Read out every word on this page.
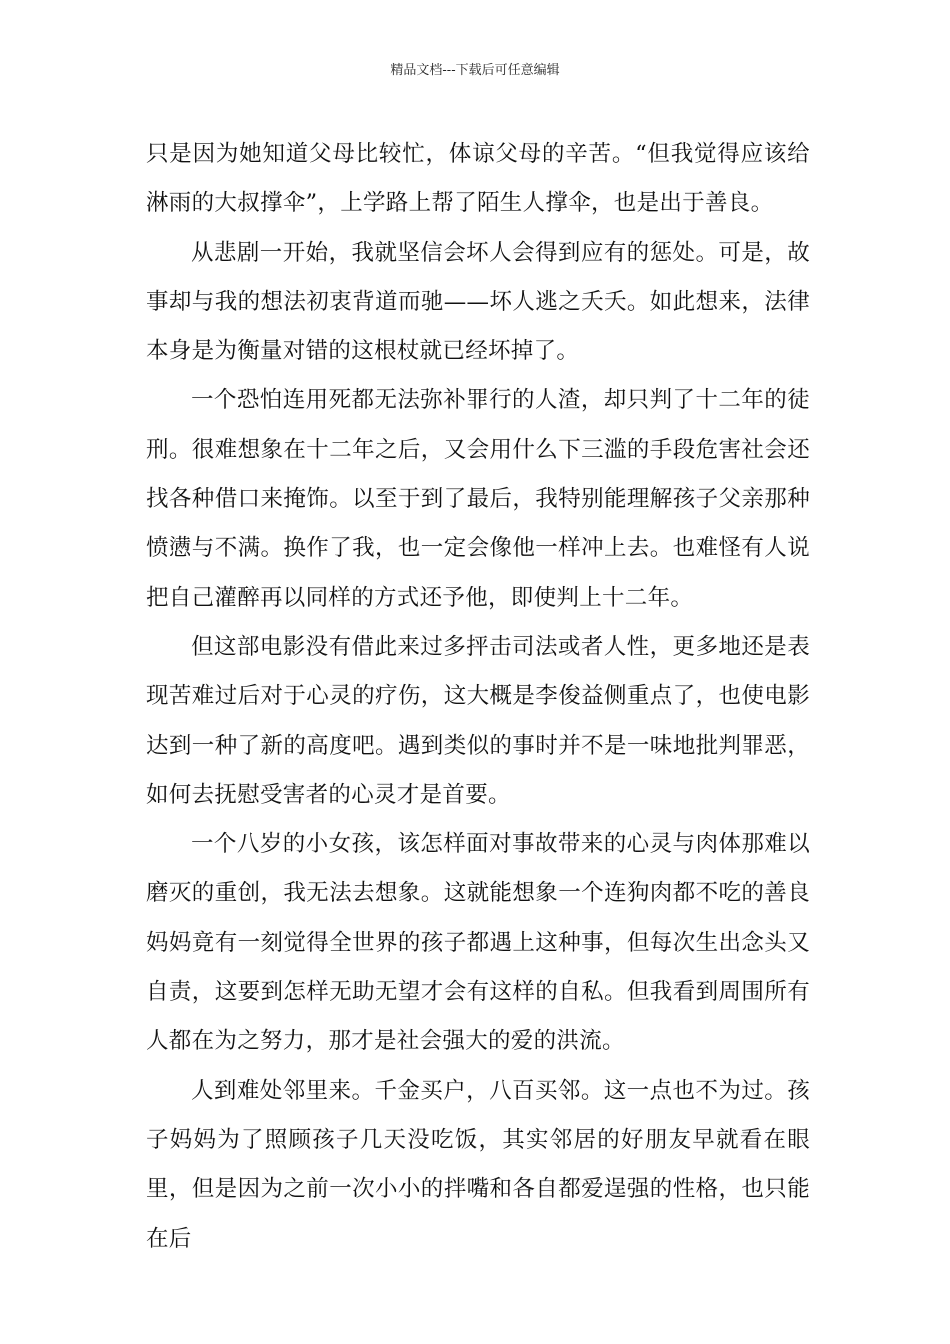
精品文档---下载后可任意编辑

只是因为她知道父母比较忙，体谅父母的辛苦。“但我觉得应该给淋雨的大叔撑伞”，上学路上帮了陌生人撑伞，也是出于善良。

从悲剧一开始，我就坚信会坏人会得到应有的惩处。可是，故事却与我的想法初衷背道而驰——坏人逃之夭夭。如此想来，法律本身是为衡量对错的这根杖就已经坏掉了。

一个恐怕连用死都无法弥补罪行的人渣，却只判了十二年的徒刑。很难想象在十二年之后，又会用什么下三滥的手段危害社会还找各种借口来掩饰。以至于到了最后，我特别能理解孩子父亲那种愤懑与不满。换作了我，也一定会像他一样冲上去。也难怪有人说把自己灌醉再以同样的方式还予他，即使判上十二年。

但这部电影没有借此来过多抨击司法或者人性，更多地还是表现苦难过后对于心灵的疗伤，这大概是李俊益侧重点了，也使电影达到一种了新的高度吧。遇到类似的事时并不是一味地批判罪恶，如何去抚慰受害者的心灵才是首要。

一个八岁的小女孩，该怎样面对事故带来的心灵与肉体那难以磨灭的重创，我无法去想象。这就能想象一个连狗肉都不吃的善良妈妈竟有一刻觉得全世界的孩子都遇上这种事，但每次生出念头又自责，这要到怎样无助无望才会有这样的自私。但我看到周围所有人都在为之努力，那才是社会强大的爱的洪流。

人到难处邻里来。千金买户，八百买邻。这一点也不为过。孩子妈妈为了照顾孩子几天没吃饭，其实邻居的好朋友早就看在眼里，但是因为之前一次小小的拌嘴和各自都爱逞强的性格，也只能在后
